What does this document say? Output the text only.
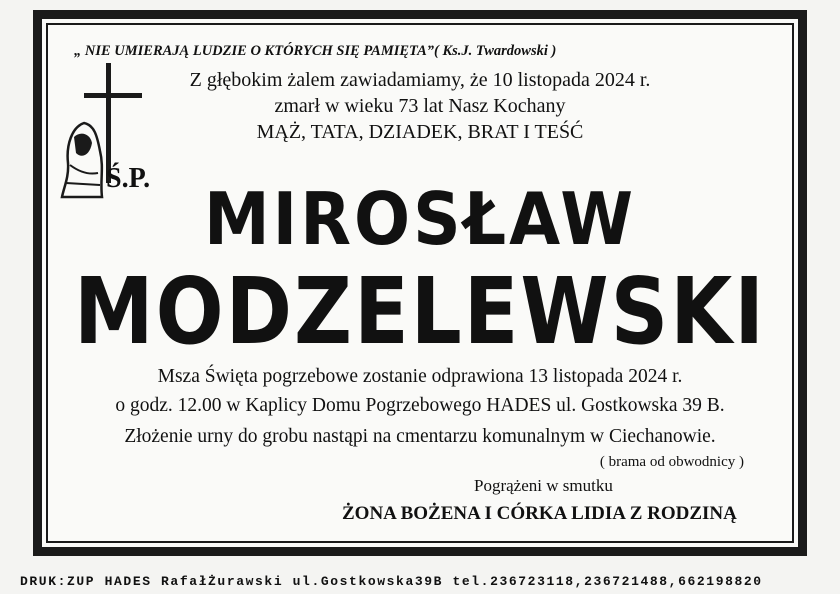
„ NIE UMIERAJĄ LUDZIE O KTÓRYCH SIĘ PAMIĘTA”( Ks.J. Twardowski )
Z głębokim żalem zawiadamiamy, że 10 listopada 2024 r.
zmarł w wieku 73 lat Nasz Kochany
MĄŻ, TATA, DZIADEK, BRAT I TEŚĆ
Ś.P. MIROSŁAW
MODZELEWSKI
Msza Święta pogrzebowe zostanie odprawiona 13 listopada 2024 r.
o godz. 12.00 w Kaplicy Domu Pogrzebowego HADES ul. Gostkowska 39 B.
Złożenie urny do grobu nastąpi na cmentarzu komunalnym w Ciechanowie.
( brama od obwodnicy )
Pogrążeni w smutku
ŻONA BOŻENA I CÓRKA LIDIA Z RODZINĄ
DRUK:ZUP HADES RafałŻurawski ul.Gostkowska39B tel.236723118,236721488,662198820
